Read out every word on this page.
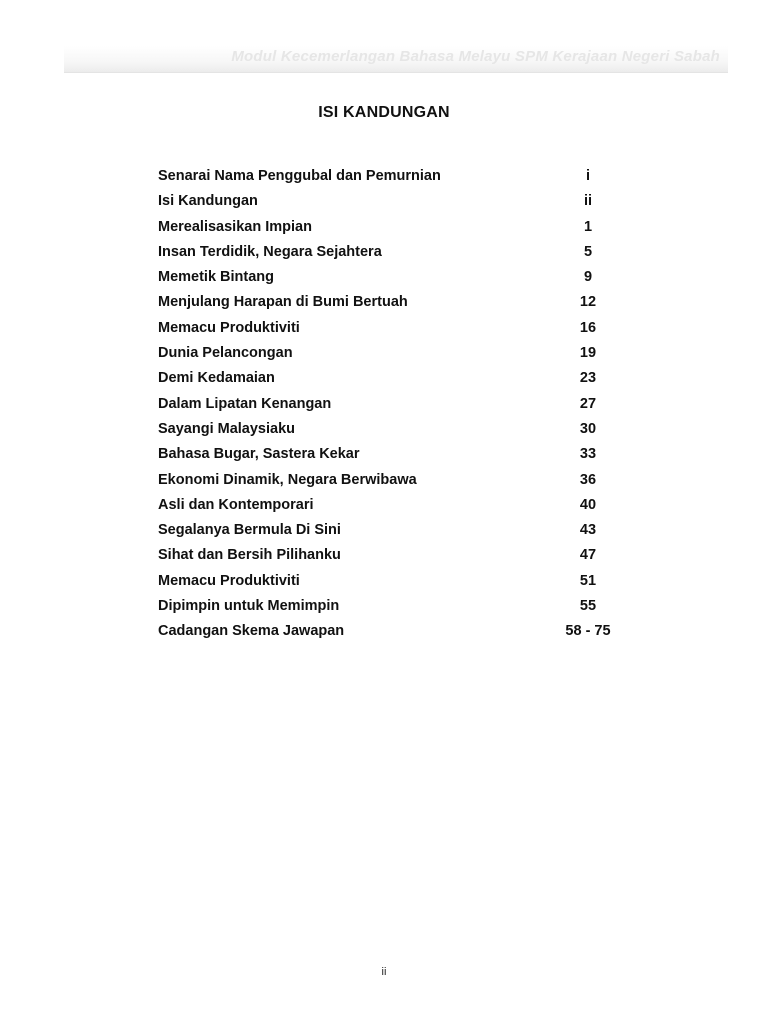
Modul Kecemerlangan Bahasa Melayu SPM Kerajaan Negeri Sabah
ISI KANDUNGAN
Senarai Nama Penggubal dan Pemurnian	i
Isi Kandungan	ii
Merealisasikan Impian	1
Insan Terdidik, Negara Sejahtera	5
Memetik Bintang	9
Menjulang Harapan di Bumi Bertuah	12
Memacu Produktiviti	16
Dunia Pelancongan	19
Demi Kedamaian	23
Dalam Lipatan Kenangan	27
Sayangi Malaysiaku	30
Bahasa Bugar, Sastera Kekar	33
Ekonomi Dinamik, Negara Berwibawa	36
Asli dan Kontemporari	40
Segalanya Bermula Di Sini	43
Sihat dan Bersih Pilihanku	47
Memacu Produktiviti	51
Dipimpin untuk Memimpin	55
Cadangan Skema Jawapan	58 - 75
ii
